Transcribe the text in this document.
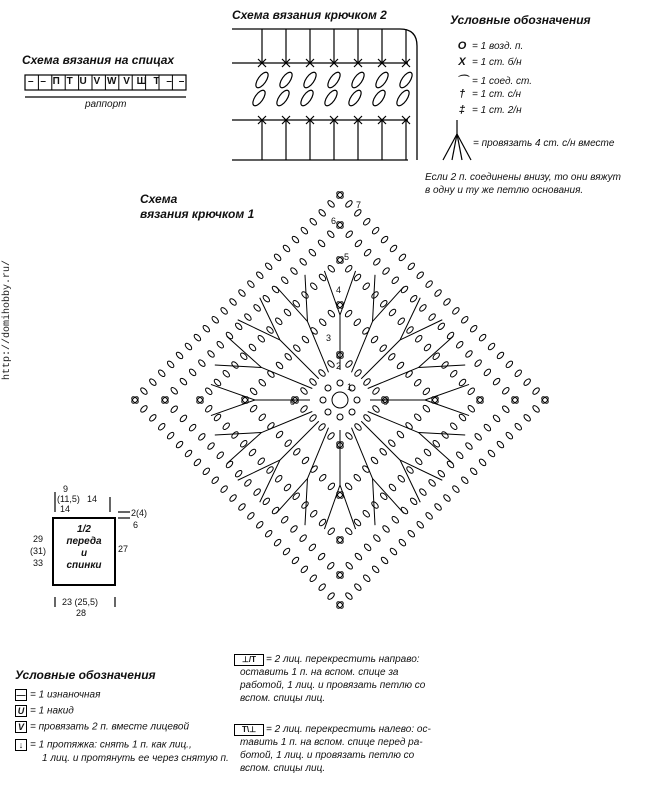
http://domihobby.ru/
Схема вязания на спицах
– – П Т U V W V Ш Т – –
раппорт
Схема вязания крючком 2	Условные обозначения
O = 1 возд. п.
X = 1 ст. б/н
⌒ = 1 соед. ст.
† = 1 ст. с/н
‡ = 1 ст. 2/н
= провязать 4 ст. с/н вместе
Если 2 п. соединены внизу, то они вяжут
в одну и ту же петлю основания.
Схема
вязания крючком 1
7
6
5
4
3
2
1
0	0
0
0
9
(11,5) 14
14
1/2
переда
и
спинки
29
(31)
33
2(4)
6
27
23 (25,5)
28
Условные обозначения
— = 1 изнаночная
U = 1 накид
V = провязать 2 п. вместе лицевой
↓ = 1 протяжка: снять 1 п. как лиц.,
1 лиц. и протянуть ее через снятую п.
⊥/T = 2 лиц. перекрестить направо:
оставить 1 п. на вспом. спице за
работой, 1 лиц. и провязать петлю со
вспом. спицы лиц.
T\⊥ = 2 лиц. перекрестить налево: ос-
тавить 1 п. на вспом. спице перед ра-
ботой, 1 лиц. и провязать петлю со
вспом. спицы лиц.
